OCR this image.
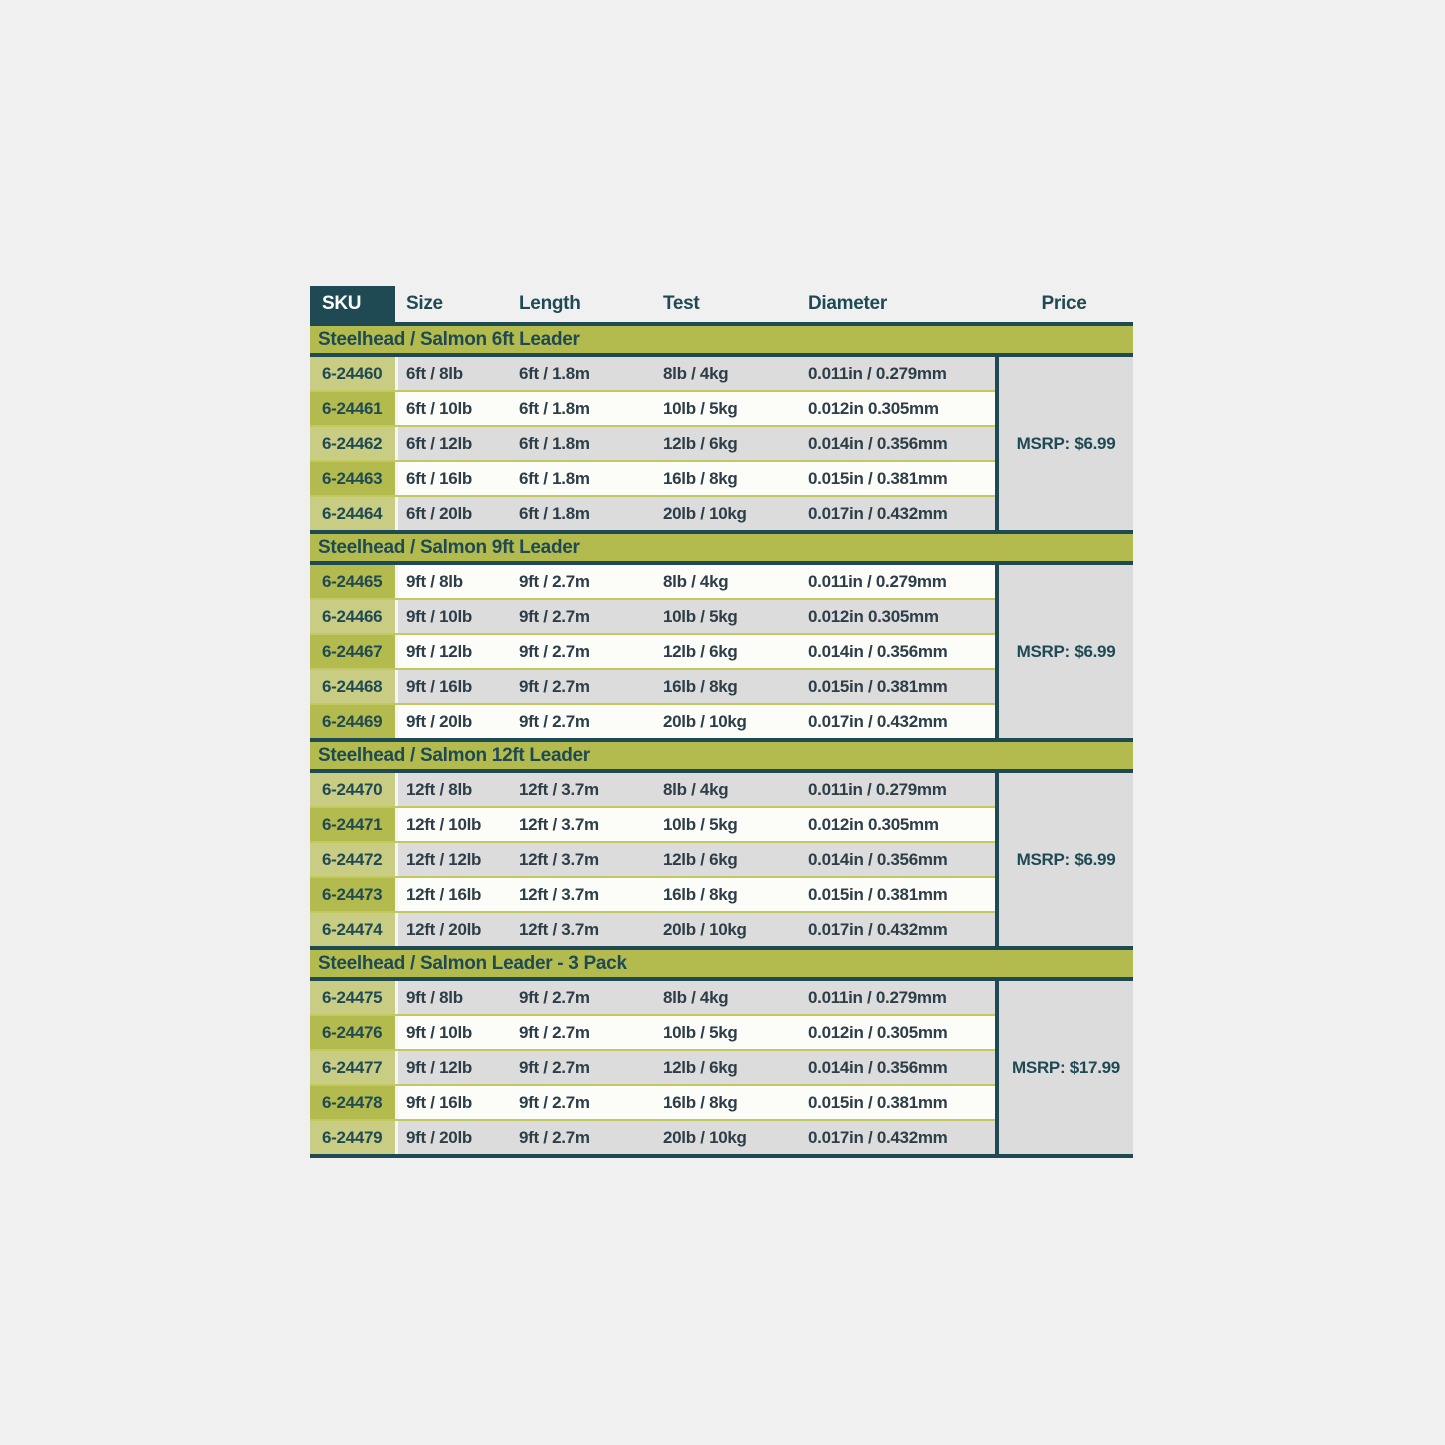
SKU	Size	Length	Test	Diameter	Price
Steelhead / Salmon 6ft Leader
MSRP: $6.99
6-24460	6ft / 8lb	6ft / 1.8m	8lb / 4kg	0.011in / 0.279mm
6-24461	6ft / 10lb	6ft / 1.8m	10lb / 5kg	0.012in 0.305mm
6-24462	6ft / 12lb	6ft / 1.8m	12lb / 6kg	0.014in / 0.356mm
6-24463	6ft / 16lb	6ft / 1.8m	16lb / 8kg	0.015in / 0.381mm
6-24464	6ft / 20lb	6ft / 1.8m	20lb / 10kg	0.017in / 0.432mm
Steelhead / Salmon 9ft Leader
MSRP: $6.99
6-24465	9ft / 8lb	9ft / 2.7m	8lb / 4kg	0.011in / 0.279mm
6-24466	9ft / 10lb	9ft / 2.7m	10lb / 5kg	0.012in 0.305mm
6-24467	9ft / 12lb	9ft / 2.7m	12lb / 6kg	0.014in / 0.356mm
6-24468	9ft / 16lb	9ft / 2.7m	16lb / 8kg	0.015in / 0.381mm
6-24469	9ft / 20lb	9ft / 2.7m	20lb / 10kg	0.017in / 0.432mm
Steelhead / Salmon 12ft Leader
MSRP: $6.99
6-24470	12ft / 8lb	12ft / 3.7m	8lb / 4kg	0.011in / 0.279mm
6-24471	12ft / 10lb	12ft / 3.7m	10lb / 5kg	0.012in 0.305mm
6-24472	12ft / 12lb	12ft / 3.7m	12lb / 6kg	0.014in / 0.356mm
6-24473	12ft / 16lb	12ft / 3.7m	16lb / 8kg	0.015in / 0.381mm
6-24474	12ft / 20lb	12ft / 3.7m	20lb / 10kg	0.017in / 0.432mm
Steelhead / Salmon Leader - 3 Pack
MSRP: $17.99
6-24475	9ft / 8lb	9ft / 2.7m	8lb / 4kg	0.011in / 0.279mm
6-24476	9ft / 10lb	9ft / 2.7m	10lb / 5kg	0.012in / 0.305mm
6-24477	9ft / 12lb	9ft / 2.7m	12lb / 6kg	0.014in / 0.356mm
6-24478	9ft / 16lb	9ft / 2.7m	16lb / 8kg	0.015in / 0.381mm
6-24479	9ft / 20lb	9ft / 2.7m	20lb / 10kg	0.017in / 0.432mm
